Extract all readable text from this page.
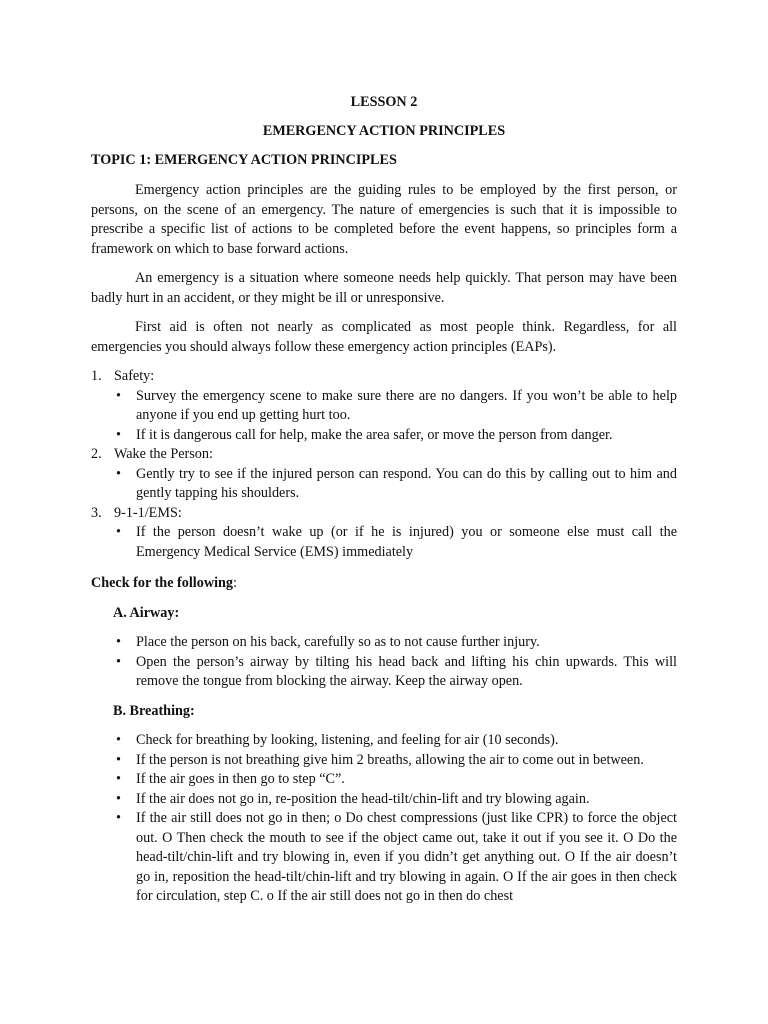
LESSON 2

EMERGENCY ACTION PRINCIPLES

TOPIC 1: EMERGENCY ACTION PRINCIPLES

Emergency action principles are the guiding rules to be employed by the first person, or persons, on the scene of an emergency. The nature of emergencies is such that it is impossible to prescribe a specific list of actions to be completed before the event happens, so principles form a framework on which to base forward actions.

An emergency is a situation where someone needs help quickly. That person may have been badly hurt in an accident, or they might be ill or unresponsive.

First aid is often not nearly as complicated as most people think. Regardless, for all emergencies you should always follow these emergency action principles (EAPs).

1. Safety:
• Survey the emergency scene to make sure there are no dangers. If you won’t be able to help anyone if you end up getting hurt too.
• If it is dangerous call for help, make the area safer, or move the person from danger.
2. Wake the Person:
• Gently try to see if the injured person can respond. You can do this by calling out to him and gently tapping his shoulders.
3. 9-1-1/EMS:
• If the person doesn’t wake up (or if he is injured) you or someone else must call the Emergency Medical Service (EMS) immediately

Check for the following:

A. Airway:

• Place the person on his back, carefully so as to not cause further injury.
• Open the person’s airway by tilting his head back and lifting his chin upwards. This will remove the tongue from blocking the airway. Keep the airway open.

B. Breathing:

• Check for breathing by looking, listening, and feeling for air (10 seconds).
• If the person is not breathing give him 2 breaths, allowing the air to come out in between.
• If the air goes in then go to step “C”.
• If the air does not go in, re-position the head-tilt/chin-lift and try blowing again.
• If the air still does not go in then; o Do chest compressions (just like CPR) to force the object out. O Then check the mouth to see if the object came out, take it out if you see it. O Do the head-tilt/chin-lift and try blowing in, even if you didn’t get anything out. O If the air doesn’t go in, reposition the head-tilt/chin-lift and try blowing in again. O If the air goes in then check for circulation, step C. o If the air still does not go in then do chest
